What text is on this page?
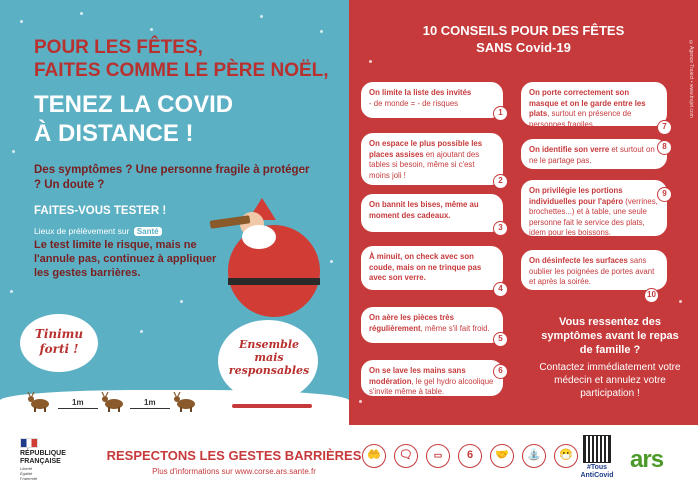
POUR LES FÊTES,
FAITES COMME LE PÈRE NOËL,
TENEZ LA COVID
À DISTANCE !
Des symptômes ? Une personne fragile à protéger ? Un doute ?
FAITES-VOUS TESTER !
Lieux de prélèvement sur Santé
Le test limite le risque, mais ne l'annule pas, continuez à appliquer les gestes barrières.
Tinimu
forti !	Ensemble
mais
responsables
1m	1m
10 CONSEILS POUR DES FÊTES
SANS Covid-19	©Agence Traiect • www.trajet.com
On limite la liste des invités
- de monde = - de risques
1
On espace le plus possible les places assises en ajoutant des tables si besoin, même si c'est moins joli !
2
On bannit les bises, même au moment des cadeaux.
3
À minuit, on check avec son coude, mais on ne trinque pas avec son verre.
4
On aère les pièces très régulièrement, même s'il fait froid.
5
On se lave les mains sans modération, le gel hydro alcoolique s'invite même à table.
6
On porte correctement son masque et on le garde entre les plats, surtout en présence de personnes fragiles.	7
On identifie son verre et surtout on ne le partage pas.
8
On privilégie les portions individuelles pour l'apéro (verrines, brochettes...) et à table, une seule personne fait le service des plats, idem pour les boissons.
9
On désinfecte les surfaces sans oublier les poignées de portes avant et après la soirée.
10
Vous ressentez des symptômes avant le repas de famille ?
Contactez immédiatement votre médecin et annulez votre participation !
RÉPUBLIQUE
FRANÇAISE
Liberté
Égalité
Fraternité
RESPECTONS LES GESTES BARRIÈRES
Plus d'informations sur www.corse.ars.sante.fr
🤲	🗨	▭	6	🤝	⛲	😷
#Tous
AntiCovid
ars
